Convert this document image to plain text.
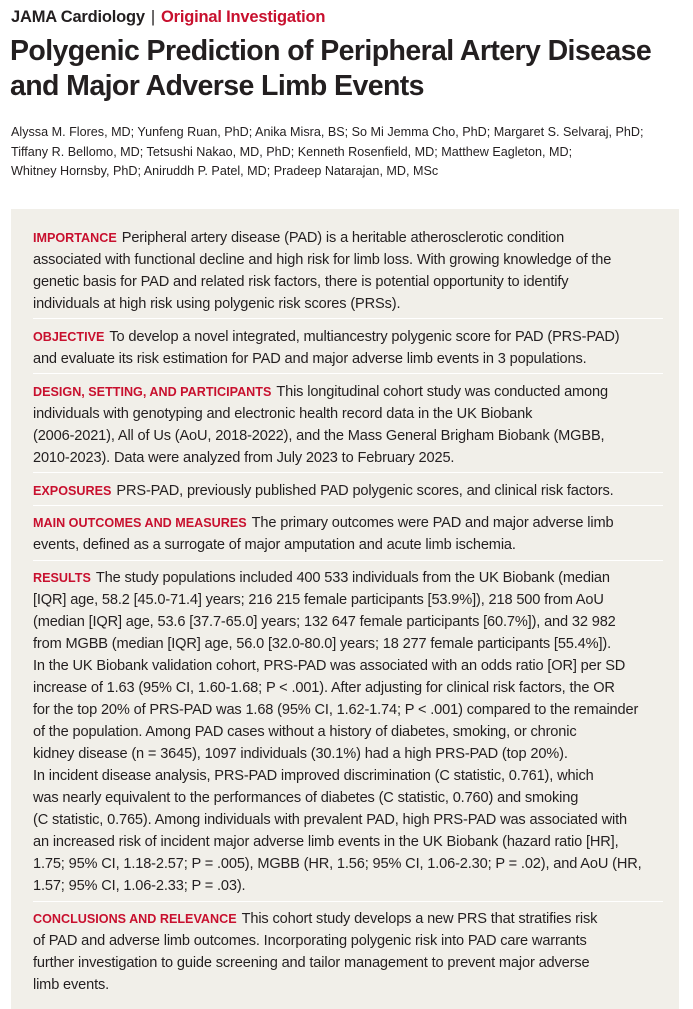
JAMA Cardiology | Original Investigation
Polygenic Prediction of Peripheral Artery Disease and Major Adverse Limb Events
Alyssa M. Flores, MD; Yunfeng Ruan, PhD; Anika Misra, BS; So Mi Jemma Cho, PhD; Margaret S. Selvaraj, PhD;
Tiffany R. Bellomo, MD; Tetsushi Nakao, MD, PhD; Kenneth Rosenfield, MD; Matthew Eagleton, MD;
Whitney Hornsby, PhD; Aniruddh P. Patel, MD; Pradeep Natarajan, MD, MSc
IMPORTANCE Peripheral artery disease (PAD) is a heritable atherosclerotic condition
associated with functional decline and high risk for limb loss. With growing knowledge of the
genetic basis for PAD and related risk factors, there is potential opportunity to identify
individuals at high risk using polygenic risk scores (PRSs).
OBJECTIVE To develop a novel integrated, multiancestry polygenic score for PAD (PRS-PAD)
and evaluate its risk estimation for PAD and major adverse limb events in 3 populations.
DESIGN, SETTING, AND PARTICIPANTS This longitudinal cohort study was conducted among
individuals with genotyping and electronic health record data in the UK Biobank
(2006-2021), All of Us (AoU, 2018-2022), and the Mass General Brigham Biobank (MGBB,
2010-2023). Data were analyzed from July 2023 to February 2025.
EXPOSURES PRS-PAD, previously published PAD polygenic scores, and clinical risk factors.
MAIN OUTCOMES AND MEASURES The primary outcomes were PAD and major adverse limb
events, defined as a surrogate of major amputation and acute limb ischemia.
RESULTS The study populations included 400 533 individuals from the UK Biobank (median
[IQR] age, 58.2 [45.0-71.4] years; 216 215 female participants [53.9%]), 218 500 from AoU
(median [IQR] age, 53.6 [37.7-65.0] years; 132 647 female participants [60.7%]), and 32 982
from MGBB (median [IQR] age, 56.0 [32.0-80.0] years; 18 277 female participants [55.4%]).
In the UK Biobank validation cohort, PRS-PAD was associated with an odds ratio [OR] per SD
increase of 1.63 (95% CI, 1.60-1.68; P < .001). After adjusting for clinical risk factors, the OR
for the top 20% of PRS-PAD was 1.68 (95% CI, 1.62-1.74; P < .001) compared to the remainder
of the population. Among PAD cases without a history of diabetes, smoking, or chronic
kidney disease (n = 3645), 1097 individuals (30.1%) had a high PRS-PAD (top 20%).
In incident disease analysis, PRS-PAD improved discrimination (C statistic, 0.761), which
was nearly equivalent to the performances of diabetes (C statistic, 0.760) and smoking
(C statistic, 0.765). Among individuals with prevalent PAD, high PRS-PAD was associated with
an increased risk of incident major adverse limb events in the UK Biobank (hazard ratio [HR],
1.75; 95% CI, 1.18-2.57; P = .005), MGBB (HR, 1.56; 95% CI, 1.06-2.30; P = .02), and AoU (HR,
1.57; 95% CI, 1.06-2.33; P = .03).
CONCLUSIONS AND RELEVANCE This cohort study develops a new PRS that stratifies risk
of PAD and adverse limb outcomes. Incorporating polygenic risk into PAD care warrants
further investigation to guide screening and tailor management to prevent major adverse
limb events.
